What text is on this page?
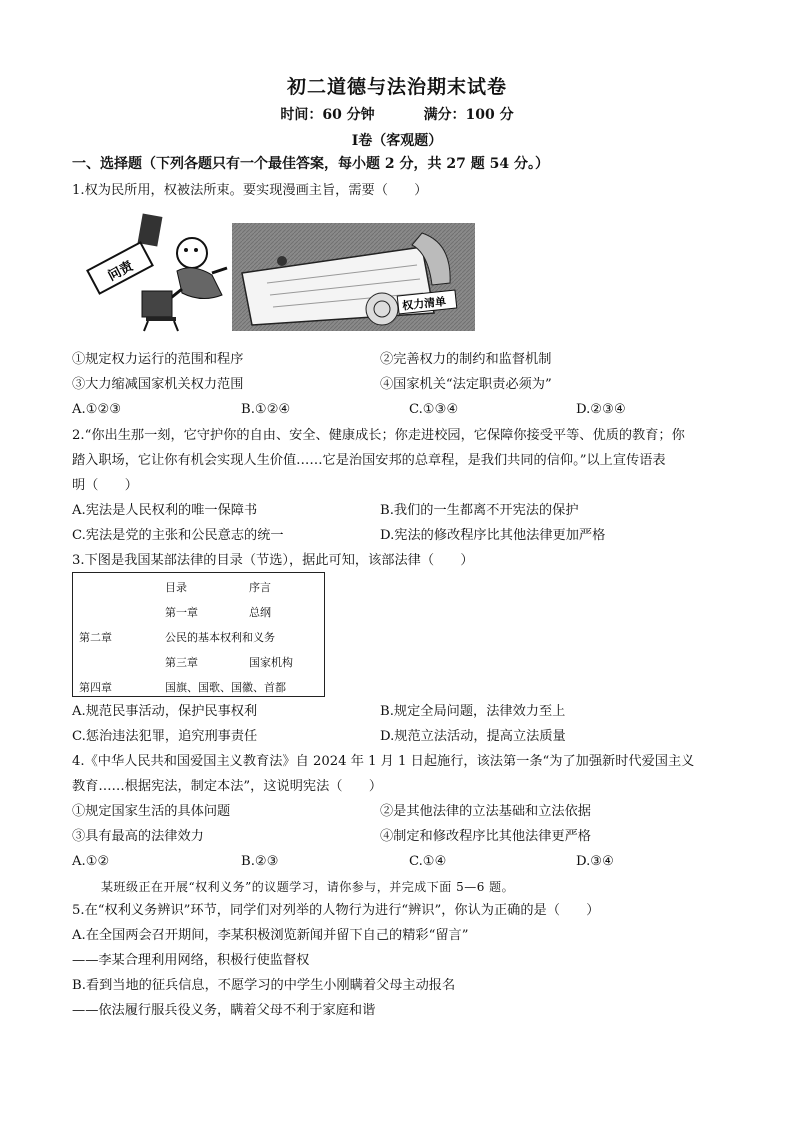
初二道德与法治期末试卷
时间：60 分钟	满分：100 分
Ⅰ卷（客观题）
一、选择题（下列各题只有一个最佳答案，每小题 2 分，共 27 题 54 分。）
1.权为民所用，权被法所束。要实现漫画主旨，需要（　　）
问责
权力清单
①规定权力运行的范围和程序	②完善权力的制约和监督机制
③大力缩减国家机关权力范围	④国家机关“法定职责必须为”
A.①②③	B.①②④	C.①③④	D.②③④
2.“你出生那一刻，它守护你的自由、安全、健康成长；你走进校园，它保障你接受平等、优质的教育；你
踏入职场，它让你有机会实现人生价值……它是治国安邦的总章程，是我们共同的信仰。”以上宣传语表
明（　　）
A.宪法是人民权利的唯一保障书	B.我们的一生都离不开宪法的保护
C.宪法是党的主张和公民意志的统一	D.宪法的修改程序比其他法律更加严格
3.下图是我国某部法律的目录（节选），据此可知，该部法律（　　）
目录	序言
第一章	总纲
第二章	公民的基本权利和义务
第三章	国家机构
第四章	国旗、国歌、国徽、首都
A.规范民事活动，保护民事权利	B.规定全局问题，法律效力至上
C.惩治违法犯罪，追究刑事责任	D.规范立法活动，提高立法质量
4.《中华人民共和国爱国主义教育法》自 2024 年 1 月 1 日起施行，该法第一条“为了加强新时代爱国主义
教育……根据宪法，制定本法”，这说明宪法（　　）
①规定国家生活的具体问题	②是其他法律的立法基础和立法依据
③具有最高的法律效力	④制定和修改程序比其他法律更严格
A.①②	B.②③	C.①④	D.③④
某班级正在开展“权利义务”的议题学习，请你参与，并完成下面 5—6 题。
5.在“权利义务辨识”环节，同学们对列举的人物行为进行“辨识”，你认为正确的是（　　）
A.在全国两会召开期间，李某积极浏览新闻并留下自己的精彩“留言”
——李某合理利用网络，积极行使监督权
B.看到当地的征兵信息，不愿学习的中学生小刚瞒着父母主动报名
——依法履行服兵役义务，瞒着父母不利于家庭和谐
